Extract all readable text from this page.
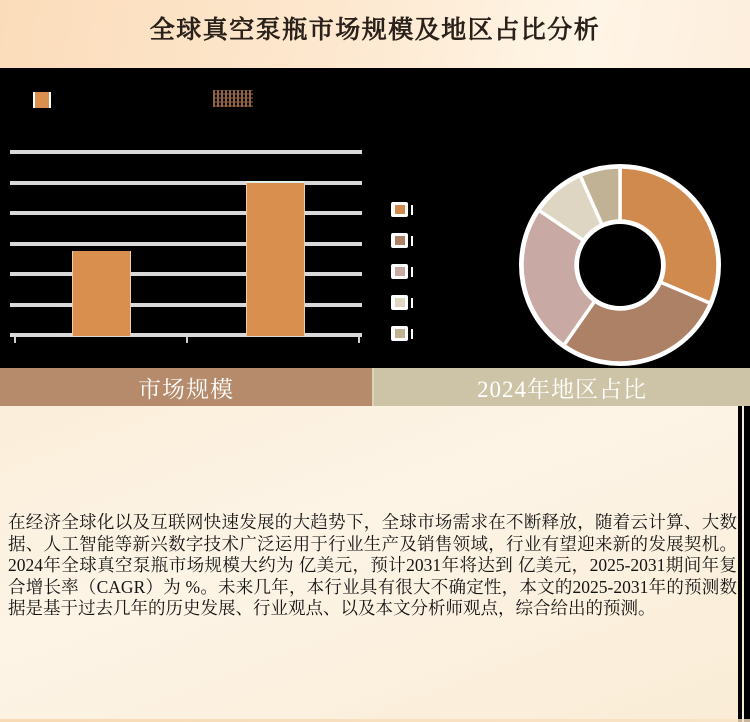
全球真空泵瓶市场规模及地区占比分析
市场规模	2024年地区占比

在经济全球化以及互联网快速发展的大趋势下，全球市场需求在不断释放，随着云计算、大数据、人工智能等新兴数字技术广泛运用于行业生产及销售领域，行业有望迎来新的发展契机。2024年全球真空泵瓶市场规模大约为 亿美元，预计2031年将达到 亿美元，2025-2031期间年复合增长率（CAGR）为 %。未来几年，本行业具有很大不确定性，本文的2025-2031年的预测数据是基于过去几年的历史发展、行业观点、以及本文分析师观点，综合给出的预测。
